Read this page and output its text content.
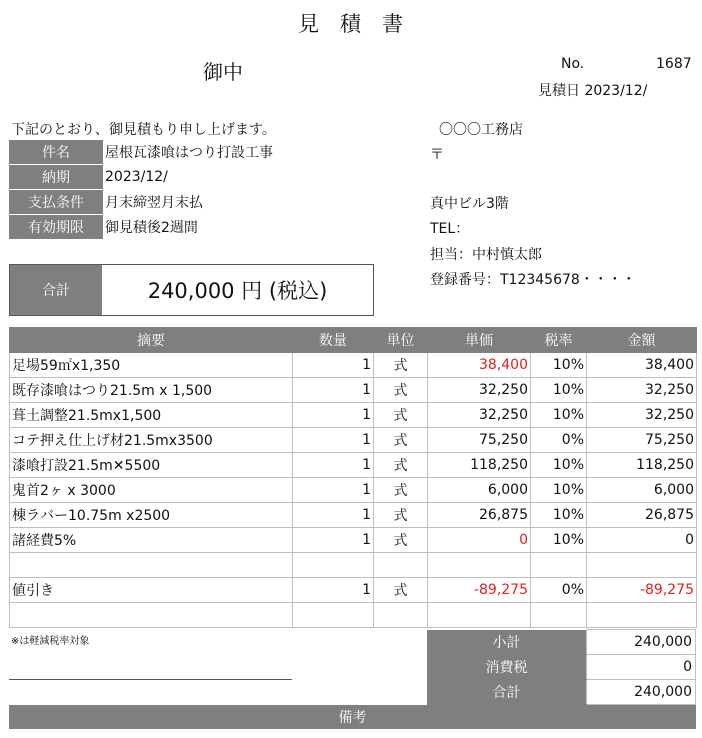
見 積 書
御中	No.	1687
見積日 2023/12/
下記のとおり、御見積もり申し上げます。
件名	屋根瓦漆喰はつり打設工事
納期	2023/12/
支払条件	月末締翌月末払
有効期限	御見積後2週間
〇〇〇工務店
〒
真中ビル3階
TEL：
担当：中村慎太郎
登録番号：T12345678・・・・
合計	240,000 円 (税込)
摘要	数量	単位	単価	税率	金額
足場59㎡x1,350	1	式	38,400	10%	38,400
既存漆喰はつり21.5m x 1,500	1	式	32,250	10%	32,250
葺土調整21.5mx1,500	1	式	32,250	10%	32,250
コテ押え仕上げ材21.5mx3500	1	式	75,250	0%	75,250
漆喰打設21.5m✕5500	1	式	118,250	10%	118,250
鬼首2ヶ x 3000	1	式	6,000	10%	6,000
棟ラバー10.75m x2500	1	式	26,875	10%	26,875
諸経費5%	1	式	0	10%	0

値引き	1	式	-89,275	0%	-89,275

※は軽減税率対象	小計	240,000
消費税	0
合計	240,000
備考
